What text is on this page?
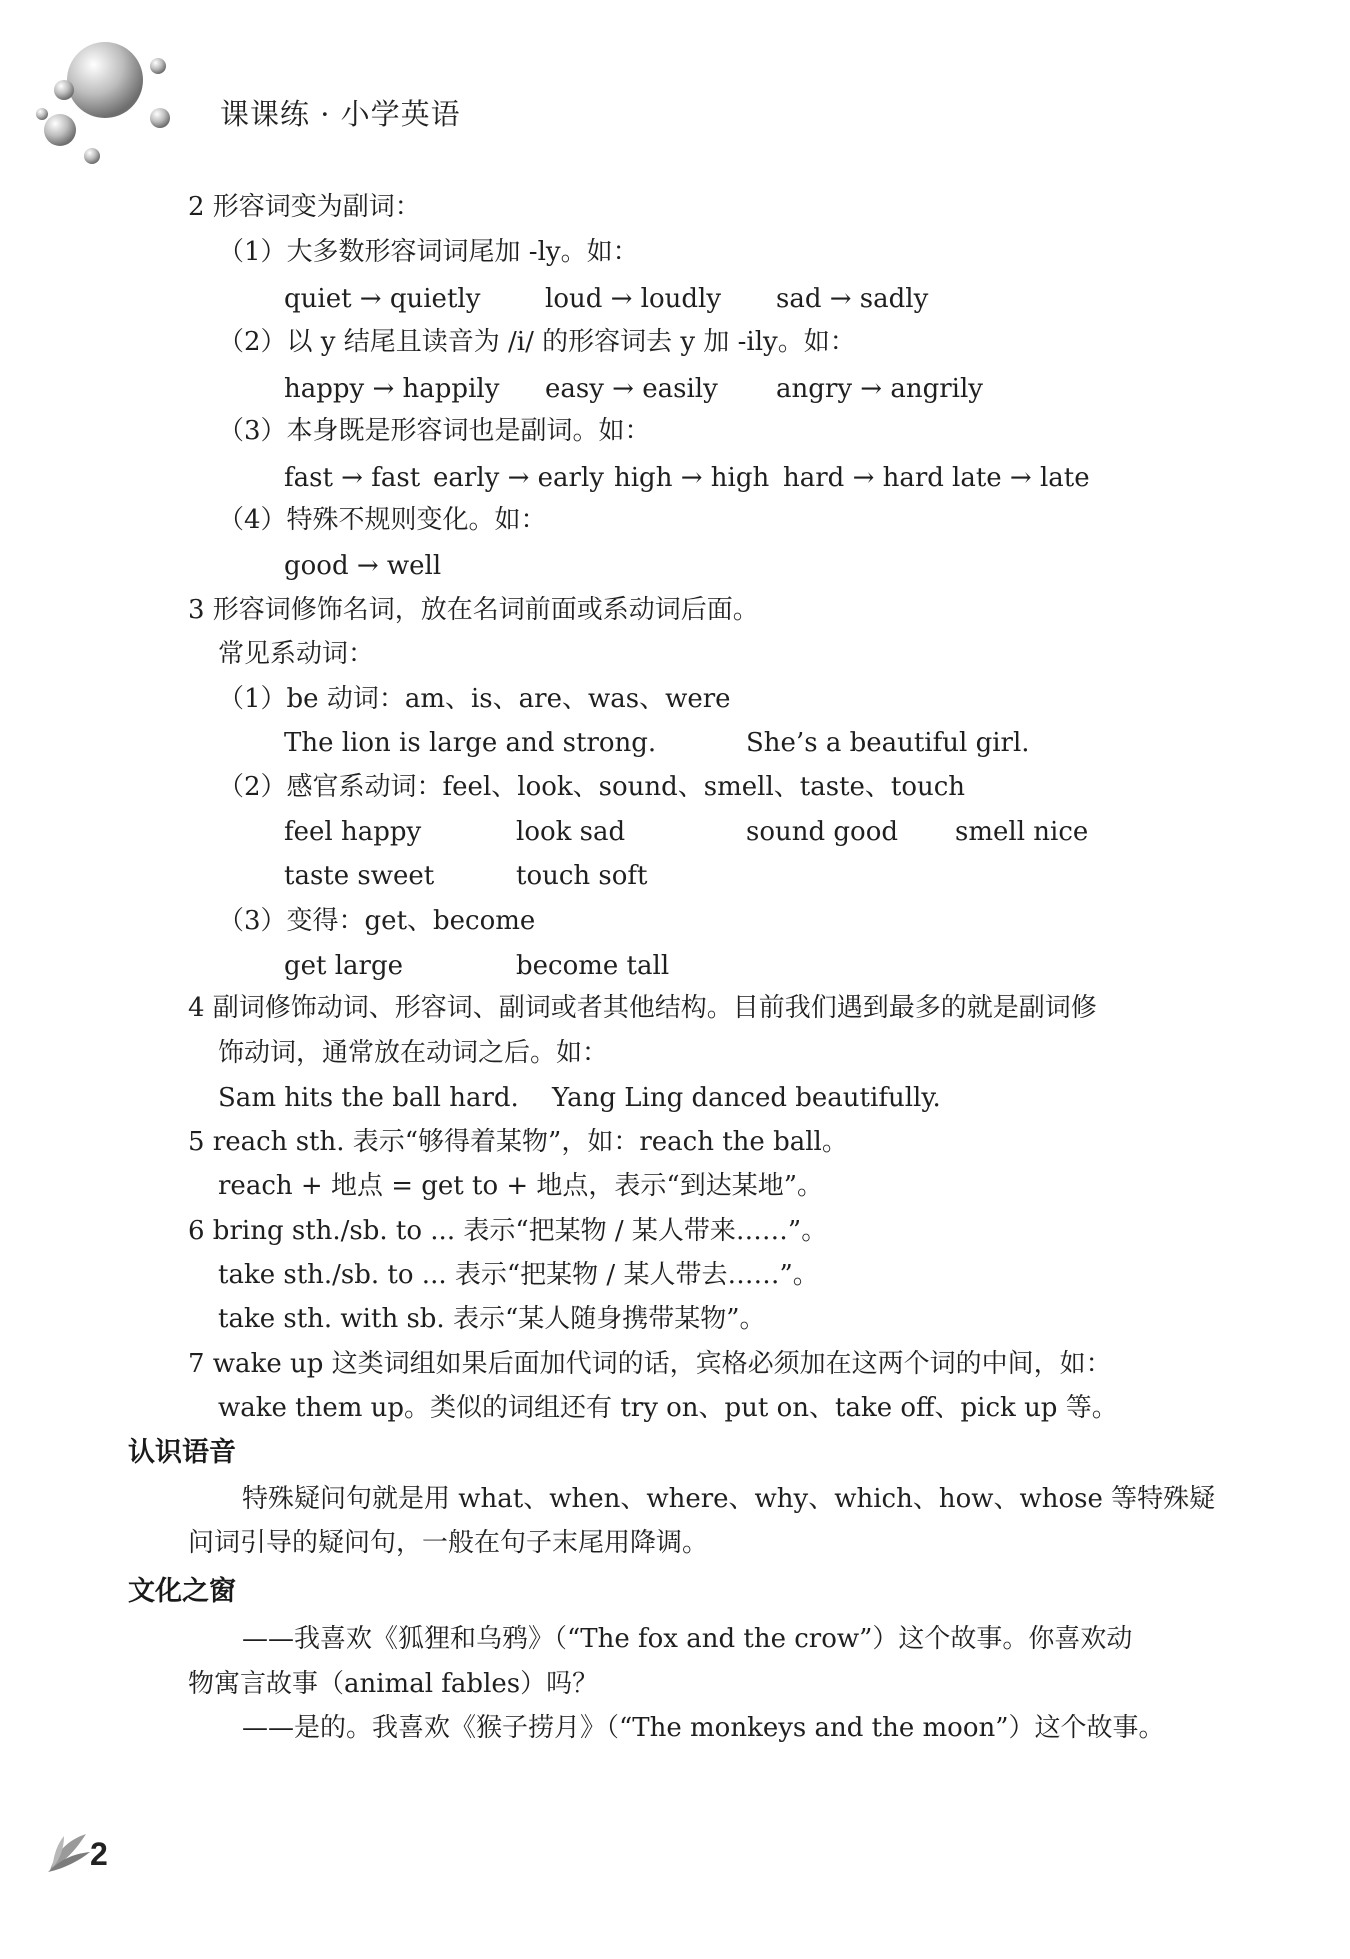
课课练 · 小学英语
2 形容词变为副词：
（1）大多数形容词词尾加 -ly。如：
quiet → quietly loud → loudly sad → sadly
（2）以 y 结尾且读音为 /i/ 的形容词去 y 加 -ily。如：
happy → happily easy → easily angry → angrily
（3）本身既是形容词也是副词。如：
fast → fast early → early high → high hard → hard late → late
（4）特殊不规则变化。如：
good → well
3 形容词修饰名词，放在名词前面或系动词后面。
常见系动词：
（1）be 动词：am、is、are、was、were
The lion is large and strong.	She’s a beautiful girl.
（2）感官系动词：feel、look、sound、smell、taste、touch
feel happy	look sad	sound good smell nice
taste sweet	touch soft
（3）变得：get、become
get large	become tall
4 副词修饰动词、形容词、副词或者其他结构。目前我们遇到最多的就是副词修
饰动词，通常放在动词之后。如：
Sam hits the ball hard. Yang Ling danced beautifully.
5 reach sth. 表示“够得着某物”，如：reach the ball。
reach + 地点 = get to + 地点，表示“到达某地”。
6 bring sth./sb. to ... 表示“把某物 / 某人带来……”。
take sth./sb. to ... 表示“把某物 / 某人带去……”。
take sth. with sb. 表示“某人随身携带某物”。
7 wake up 这类词组如果后面加代词的话，宾格必须加在这两个词的中间，如：
wake them up。类似的词组还有 try on、put on、take off、pick up 等。
认识语音
特殊疑问句就是用 what、when、where、why、which、how、whose 等特殊疑
问词引导的疑问句，一般在句子末尾用降调。
文化之窗
——我喜欢《狐狸和乌鸦》（“The fox and the crow”）这个故事。你喜欢动
物寓言故事（animal fables）吗？
——是的。我喜欢《猴子捞月》（“The monkeys and the moon”）这个故事。
2
